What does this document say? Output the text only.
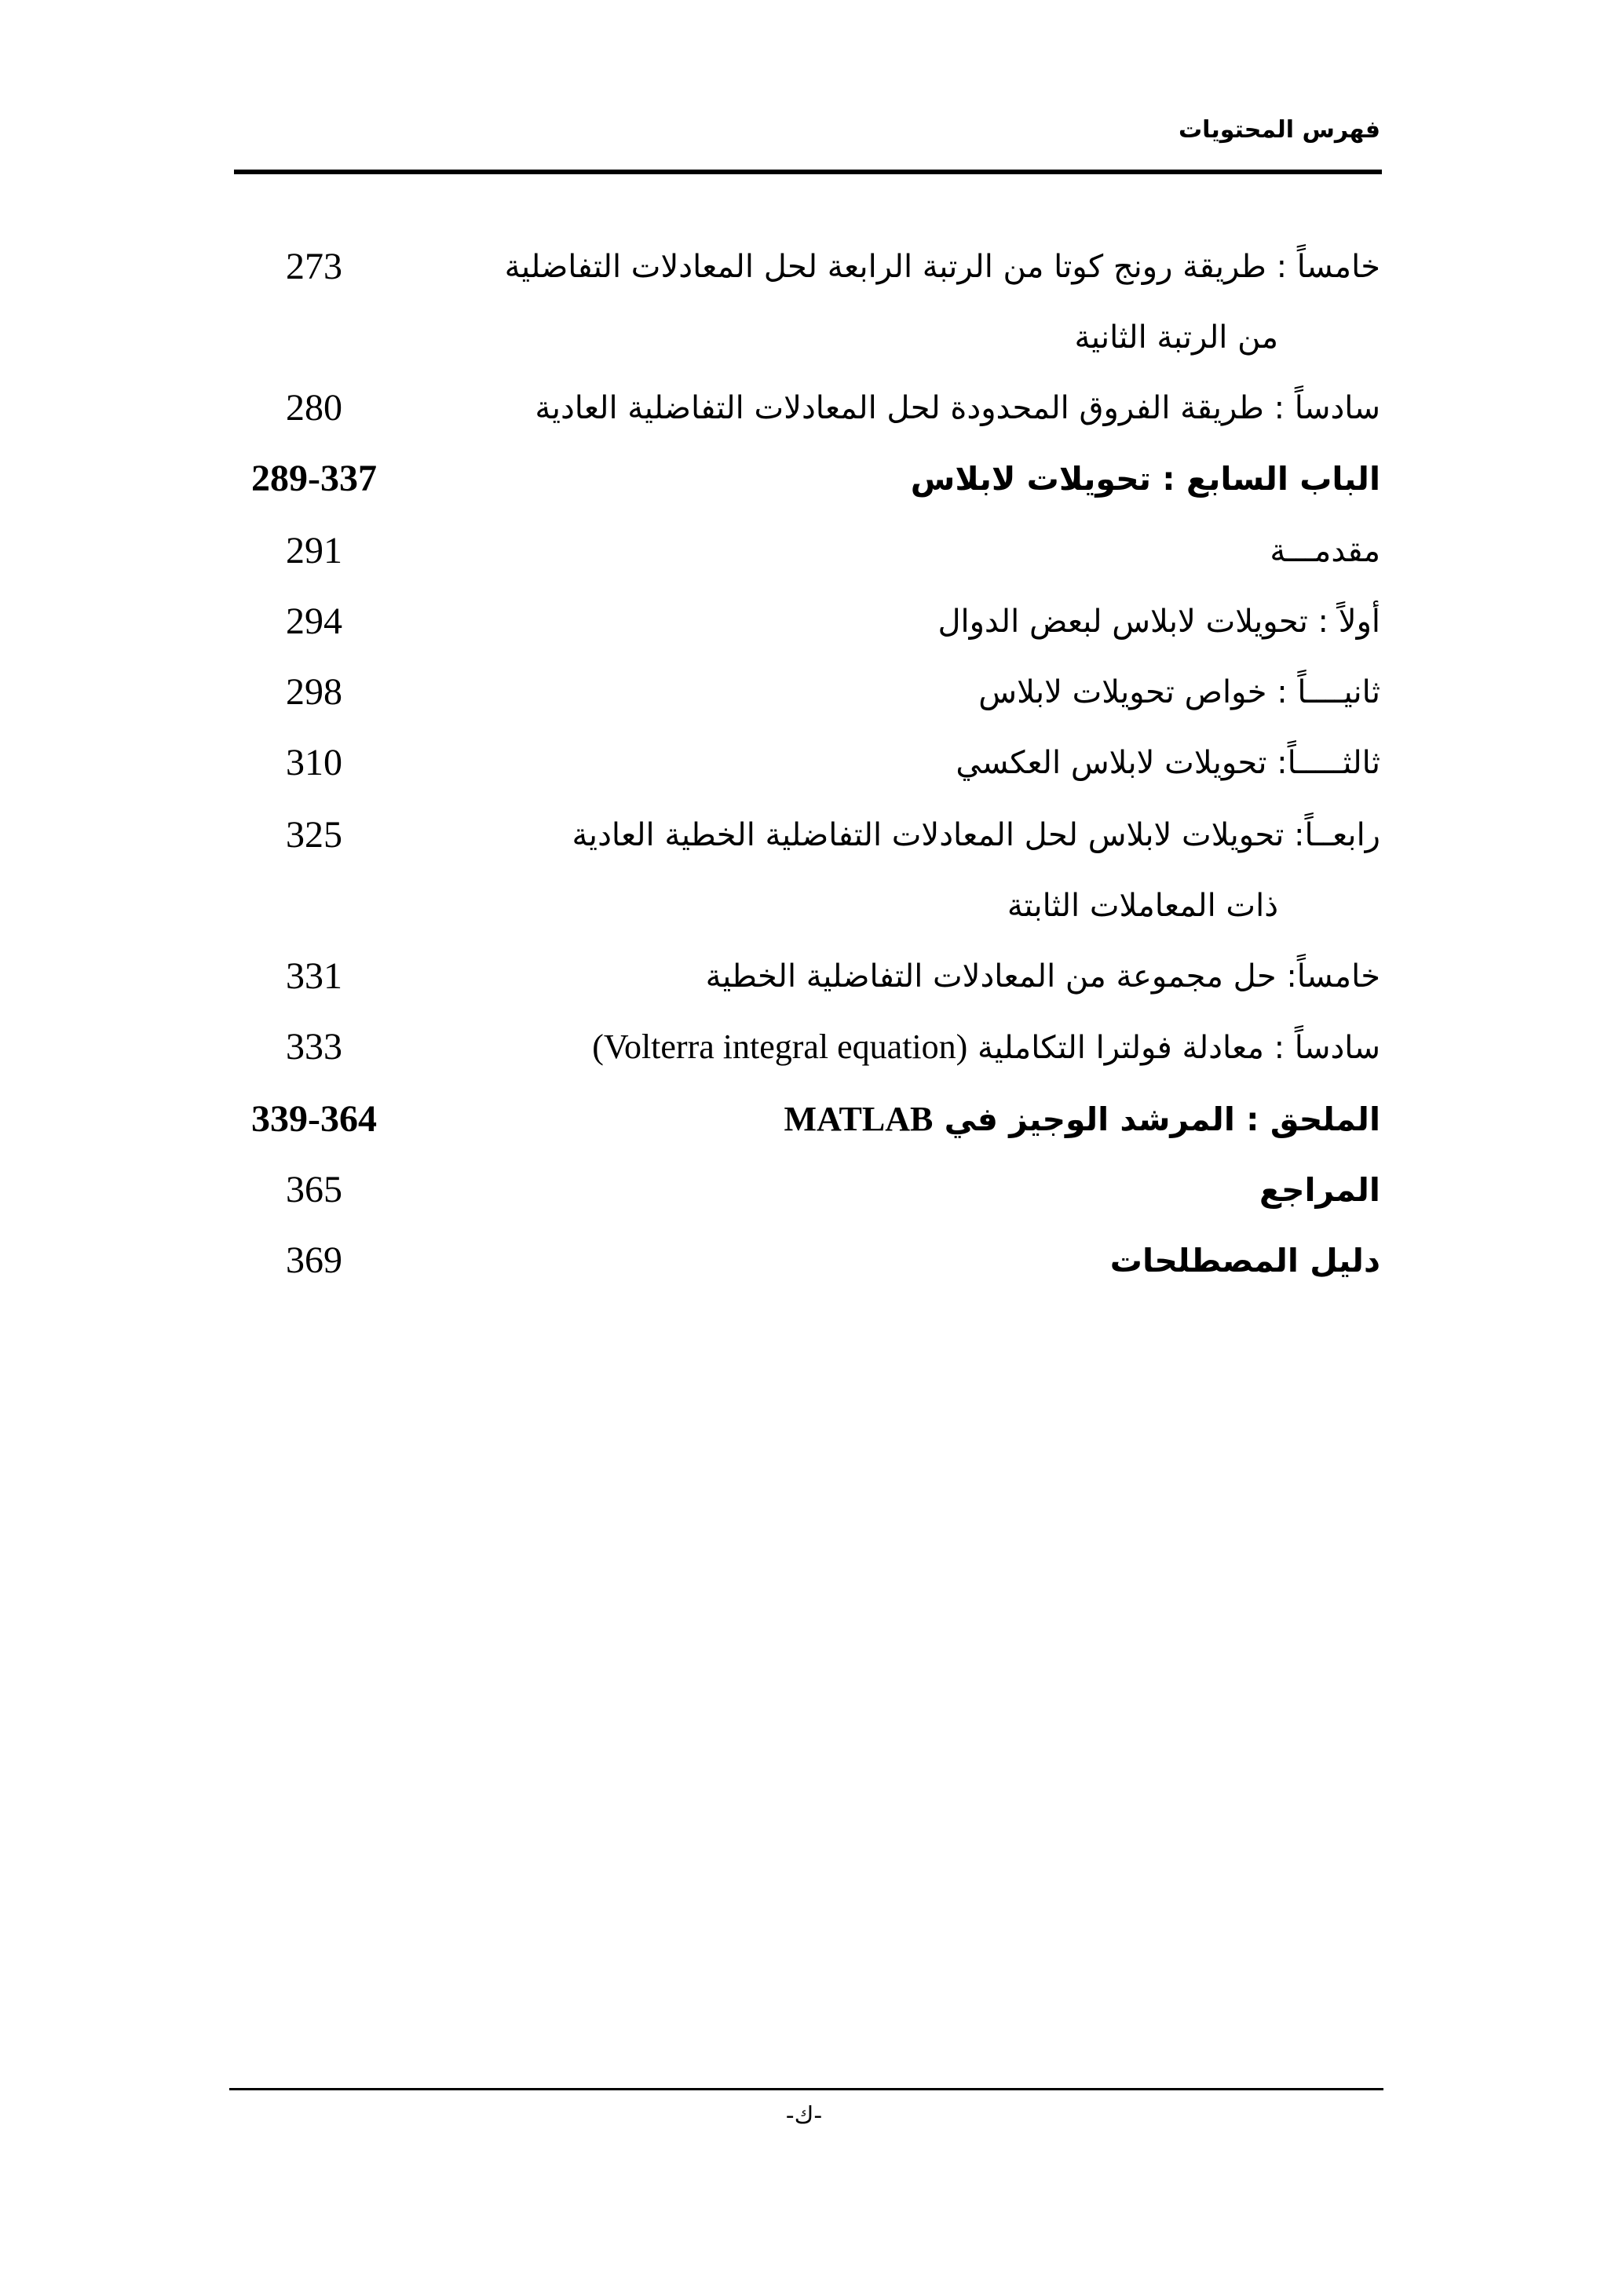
فهرس المحتويات
خامساً : طريقة رونج كوتا من الرتبة الرابعة لحل المعادلات التفاضلية
273
من الرتبة الثانية
سادساً : طريقة الفروق المحدودة لحل المعادلات التفاضلية العادية
280
الباب السابع : تحويلات لابلاس
289-337
مقدمـــة
291
أولاً : تحويلات لابلاس لبعض الدوال
294
ثانيــــاً : خواص تحويلات لابلاس
298
ثالثـــــاً: تحويلات لابلاس العكسي
310
رابعــاً: تحويلات لابلاس لحل المعادلات التفاضلية الخطية العادية
325
ذات المعاملات الثابتة
خامساً: حل مجموعة من المعادلات التفاضلية الخطية
331
سادساً : معادلة فولترا التكاملية (Volterra integral equation)
333
الملحق : المرشد الوجيز في MATLAB
339-364
المراجع
365
دليل المصطلحات
369
-ك-
